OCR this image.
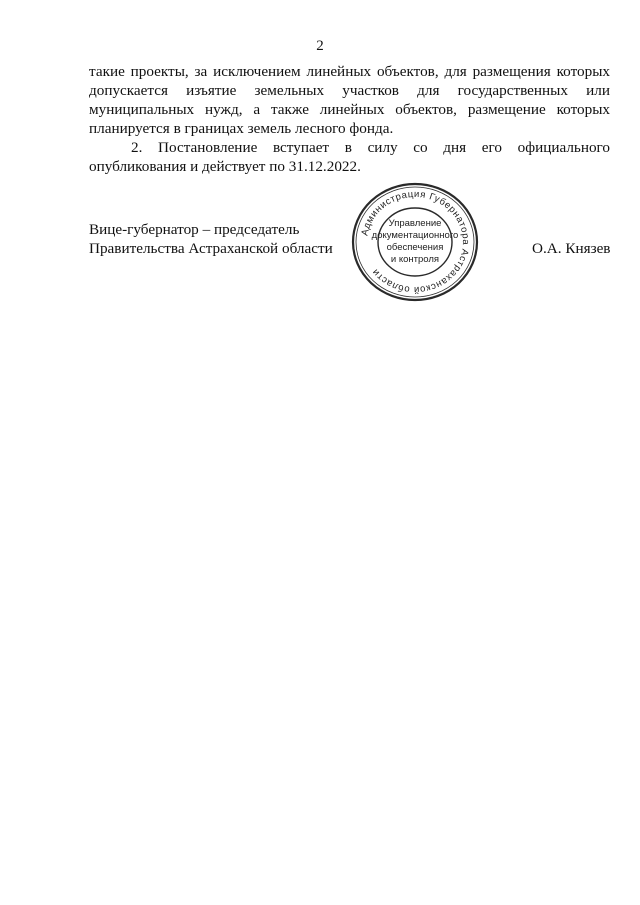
2

такие проекты, за исключением линейных объектов, для размещения которых допускается изъятие земельных участков для государственных или муниципальных нужд, а также линейных объектов, размещение которых планируется в границах земель лесного фонда.

2. Постановление вступает в силу со дня его официального опубликования и действует по 31.12.2022.

Вице-губернатор – председатель
Правительства Астраханской области
Администрация Губернатора Астраханской области
Управление
документационного
обеспечения
и контроля
О.А. Князев
